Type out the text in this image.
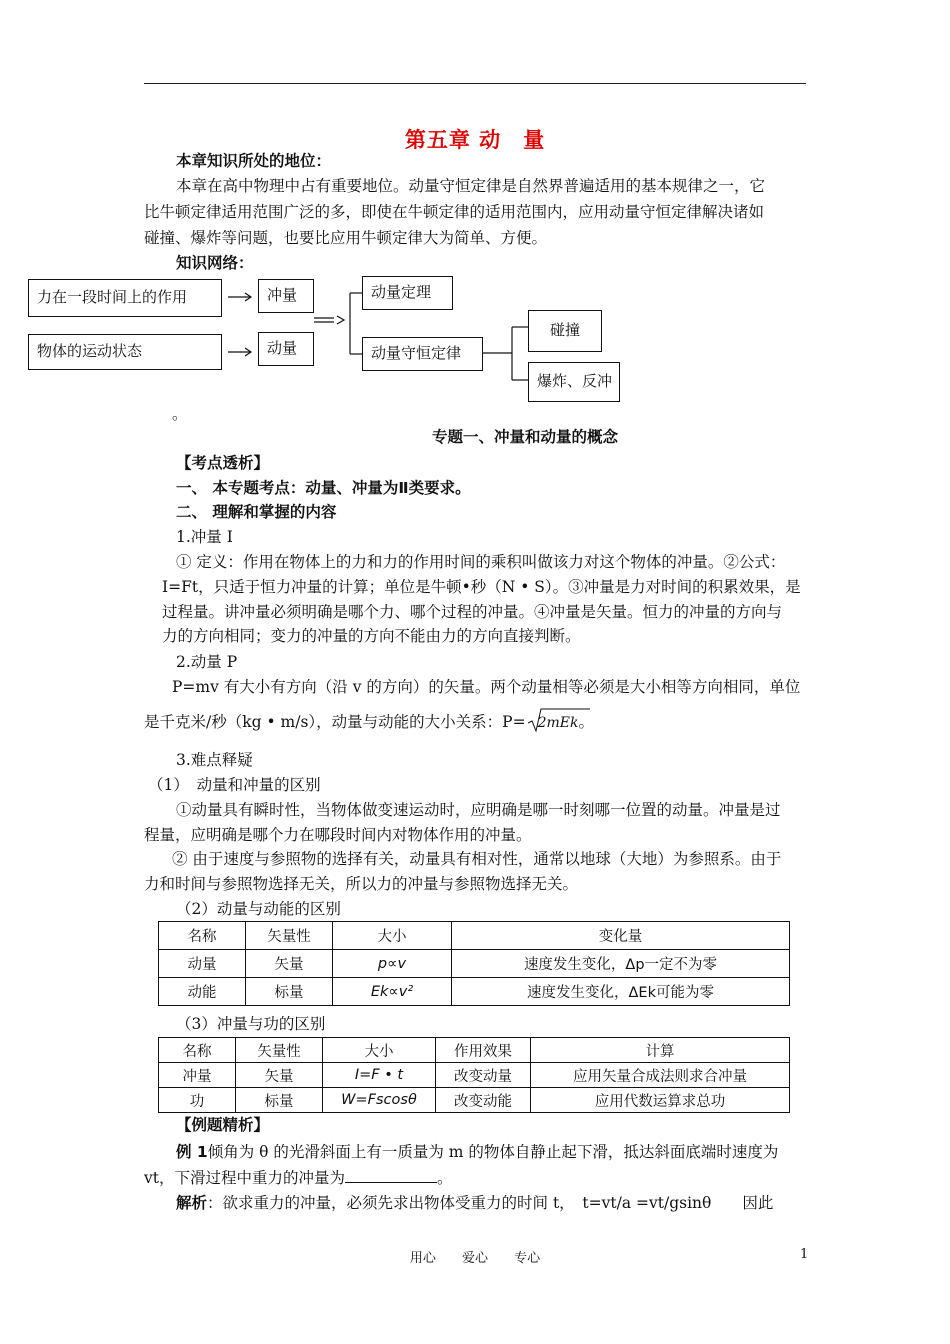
第五章 动　量
本章知识所处的地位：
本章在高中物理中占有重要地位。动量守恒定律是自然界普遍适用的基本规律之一，它
比牛顿定律适用范围广泛的多，即使在牛顿定律的适用范围内，应用动量守恒定律解决诸如
碰撞、爆炸等问题，也要比应用牛顿定律大为简单、方便。
知识网络：
力在一段时间上的作用
物体的运动状态
冲量
动量
动量定理
动量守恒定律
碰撞
爆炸、反冲
。
专题一、冲量和动量的概念
【考点透析】
一、 本专题考点：动量、冲量为Ⅱ类要求。
二、 理解和掌握的内容
1.冲量 I
① 定义：作用在物体上的力和力的作用时间的乘积叫做该力对这个物体的冲量。②公式：
I=Ft，只适于恒力冲量的计算；单位是牛顿•秒（N • S）。③冲量是力对时间的积累效果，是
过程量。讲冲量必须明确是哪个力、哪个过程的冲量。④冲量是矢量。恒力的冲量的方向与
力的方向相同；变力的冲量的方向不能由力的方向直接判断。
2.动量 P
P=mv 有大小有方向（沿 v 的方向）的矢量。两个动量相等必须是大小相等方向相同，单位
是千克米/秒（kg • m/s），动量与动能的大小关系：P= 2mEk。
3.难点释疑
（1）　动量和冲量的区别
①动量具有瞬时性，当物体做变速运动时，应明确是哪一时刻哪一位置的动量。冲量是过
程量，应明确是哪个力在哪段时间内对物体作用的冲量。
② 由于速度与参照物的选择有关，动量具有相对性，通常以地球（大地）为参照系。由于
力和时间与参照物选择无关，所以力的冲量与参照物选择无关。
（2）动量与动能的区别
名称	矢量性	大小	变化量
动量	矢量	p∝v	速度发生变化，Δp一定不为零
动能	标量	Ek∝v²	速度发生变化，ΔEk可能为零
（3）冲量与功的区别
名称	矢量性	大小	作用效果	计算
冲量	矢量	I=F • t	改变动量	应用矢量合成法则求合冲量
功	标量	W=Fscosθ	改变动能	应用代数运算求总功
【例题精析】
例 1倾角为 θ 的光滑斜面上有一质量为 m 的物体自静止起下滑，抵达斜面底端时速度为
vt，下滑过程中重力的冲量为	。
解析：欲求重力的冲量，必须先求出物体受重力的时间 t，　t=vt/a =vt/gsinθ　　因此
用心 爱心 专心	1
